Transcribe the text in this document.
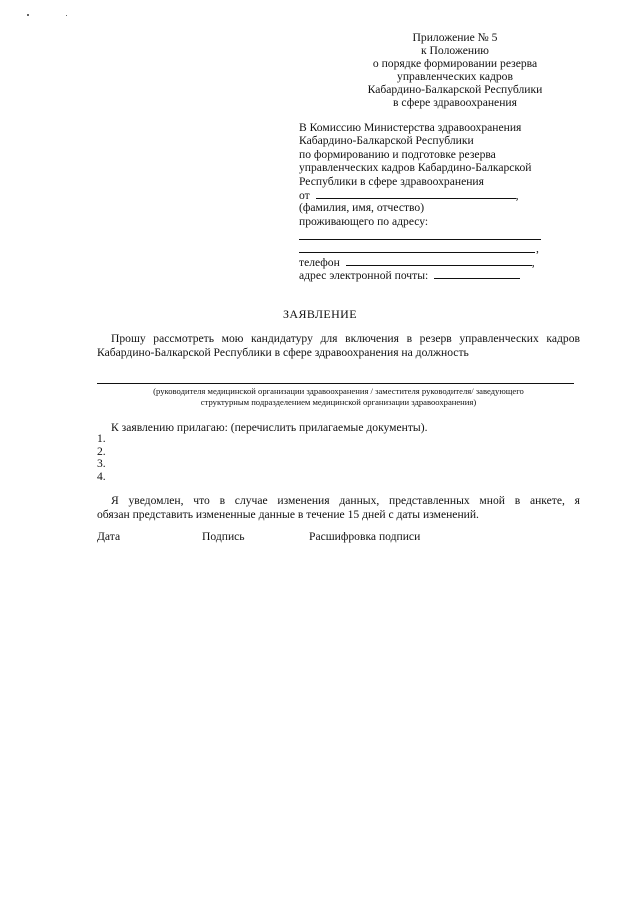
Приложение № 5
к Положению
о порядке формировании резерва
управленческих кадров
Кабардино-Балкарской Республики
в сфере здравоохранения
В Комиссию Министерства здравоохранения
Кабардино-Балкарской Республики
по формированию и подготовке резерва
управленческих кадров Кабардино-Балкарской
Республики в сфере здравоохранения
от	,
(фамилия, имя, отчество)
проживающего по адресу:
,
телефон	,
адрес электронной почты:
ЗАЯВЛЕНИЕ
Прошу рассмотреть мою кандидатуру для включения в резерв управленческих кадров
Кабардино-Балкарской Республики в сфере здравоохранения на должность
(руководителя медицинской организации здравоохранения / заместителя руководителя/ заведующего
структурным подразделением медицинской организации здравоохранения)
К заявлению прилагаю: (перечислить прилагаемые документы).
1.
2.
3.
4.
Я уведомлен, что в случае изменения данных, представленных мной в анкете, я
обязан представить измененные данные в течение 15 дней с даты изменений.
Дата	Подпись	Расшифровка подписи
